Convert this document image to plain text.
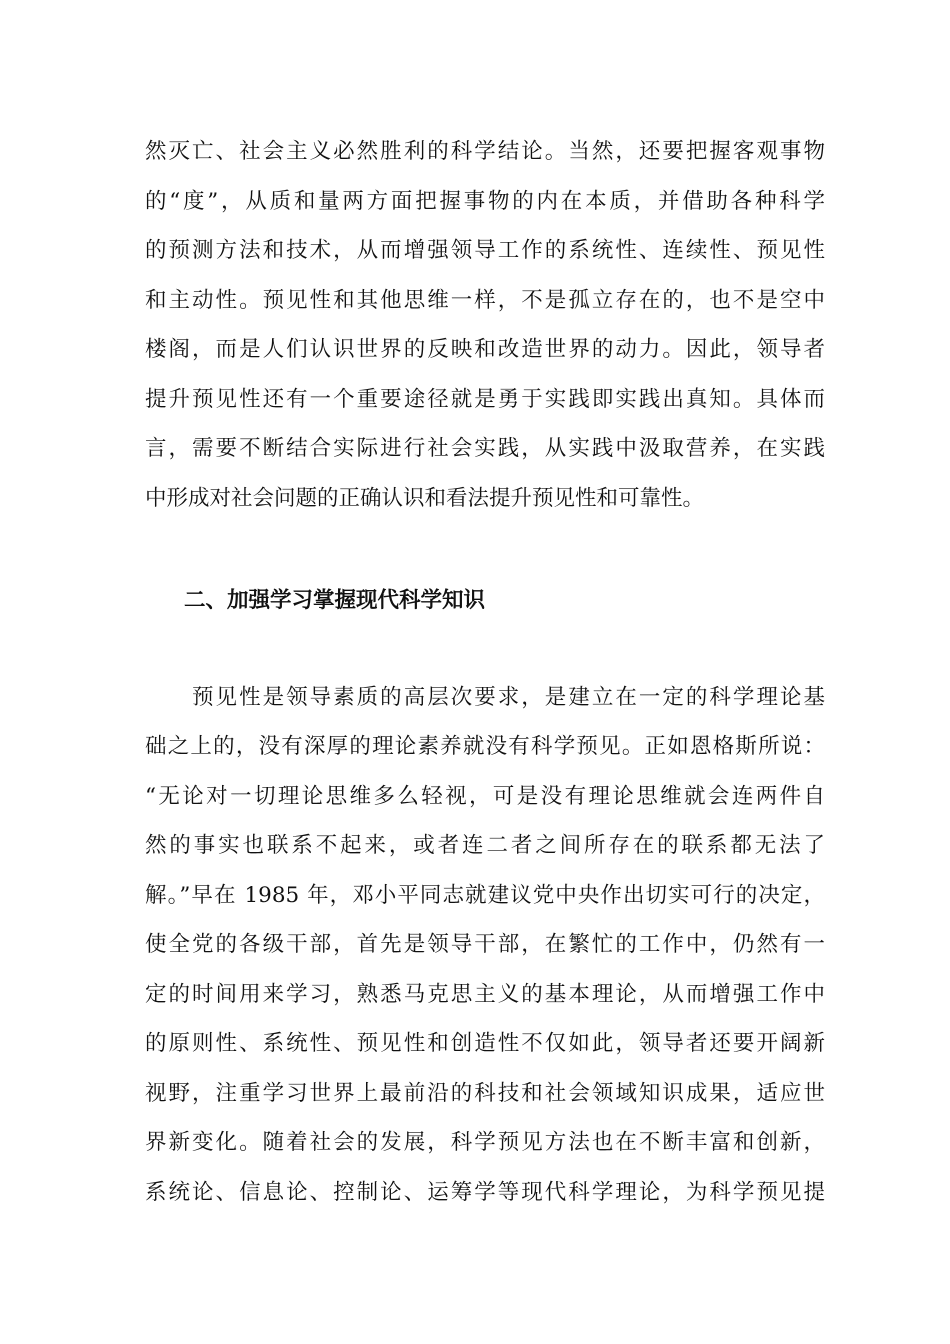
然灭亡、社会主义必然胜利的科学结论。当然，还要把握客观事物
的“度”，从质和量两方面把握事物的内在本质，并借助各种科学
的预测方法和技术，从而增强领导工作的系统性、连续性、预见性
和主动性。预见性和其他思维一样，不是孤立存在的，也不是空中
楼阁，而是人们认识世界的反映和改造世界的动力。因此，领导者
提升预见性还有一个重要途径就是勇于实践即实践出真知。具体而
言，需要不断结合实际进行社会实践，从实践中汲取营养，在实践
中形成对社会问题的正确认识和看法提升预见性和可靠性。
二、加强学习掌握现代科学知识
　　预见性是领导素质的高层次要求，是建立在一定的科学理论基
础之上的，没有深厚的理论素养就没有科学预见。正如恩格斯所说：
“无论对一切理论思维多么轻视，可是没有理论思维就会连两件自
然的事实也联系不起来，或者连二者之间所存在的联系都无法了
解。”早在 1985 年，邓小平同志就建议党中央作出切实可行的决定，
使全党的各级干部，首先是领导干部，在繁忙的工作中，仍然有一
定的时间用来学习，熟悉马克思主义的基本理论，从而增强工作中
的原则性、系统性、预见性和创造性不仅如此，领导者还要开阔新
视野，注重学习世界上最前沿的科技和社会领域知识成果，适应世
界新变化。随着社会的发展，科学预见方法也在不断丰富和创新，
系统论、信息论、控制论、运筹学等现代科学理论，为科学预见提
